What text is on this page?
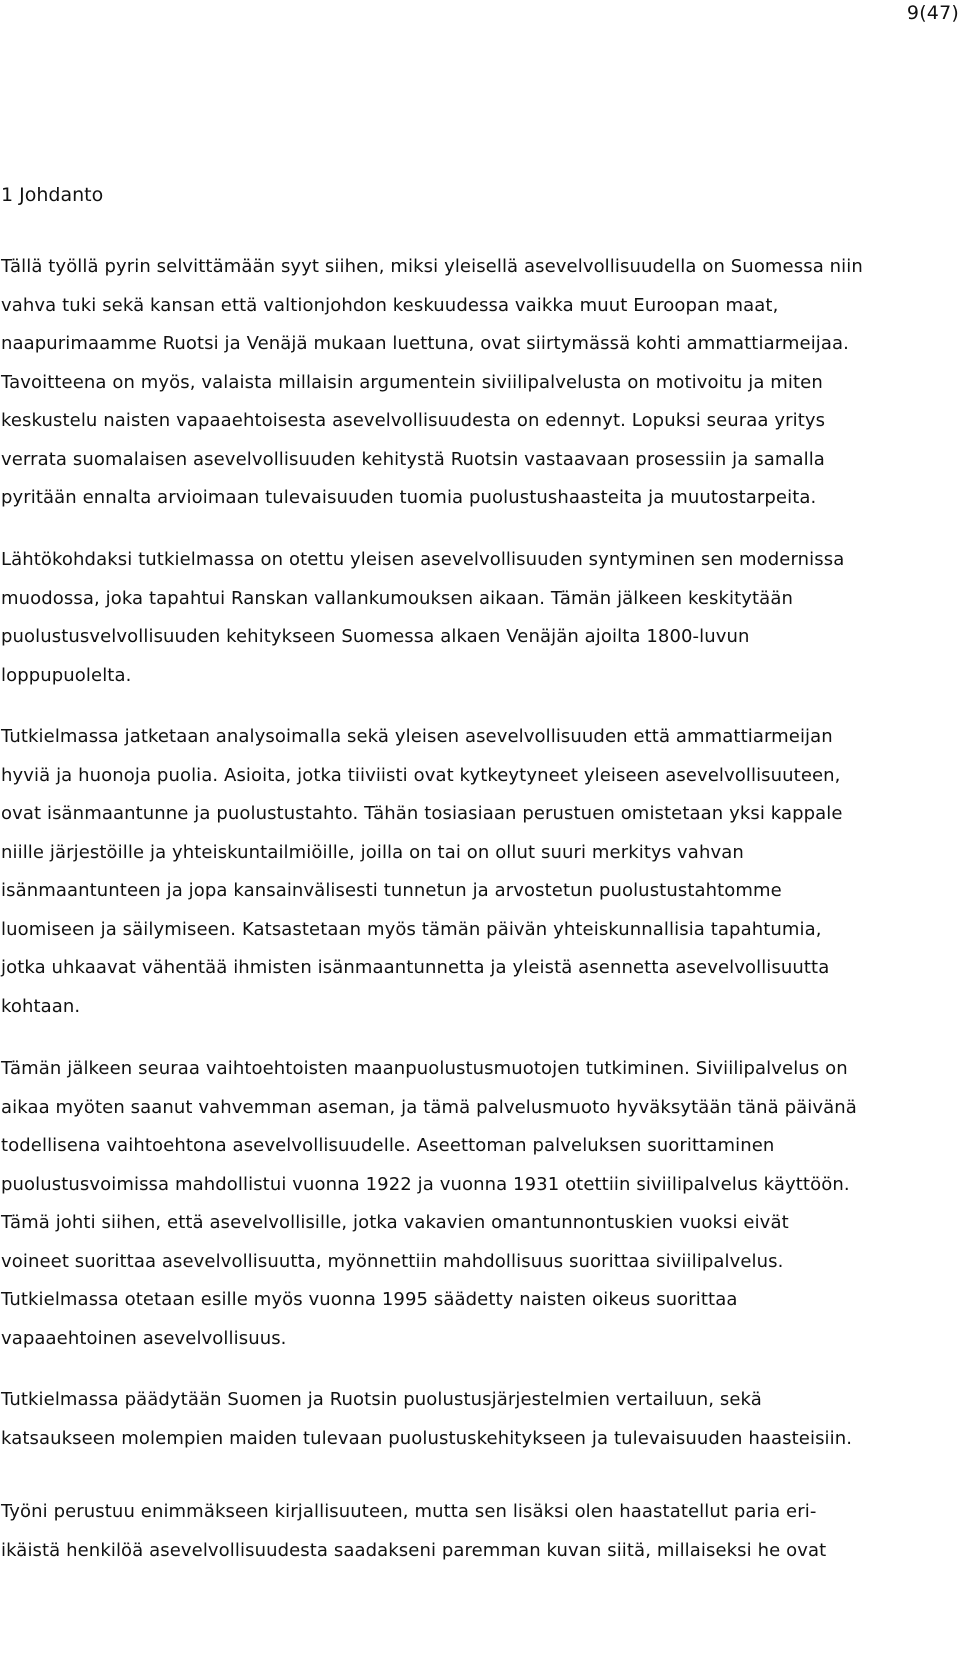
9(47)
1 Johdanto
Tällä työllä pyrin selvittämään syyt siihen, miksi yleisellä asevelvollisuudella on Suomessa niin
vahva tuki sekä kansan että valtionjohdon keskuudessa vaikka muut Euroopan maat,
naapurimaamme Ruotsi ja Venäjä mukaan luettuna, ovat siirtymässä kohti ammattiarmeijaa.
Tavoitteena on myös, valaista millaisin argumentein siviilipalvelusta on motivoitu ja miten
keskustelu naisten vapaaehtoisesta asevelvollisuudesta on edennyt. Lopuksi seuraa yritys
verrata suomalaisen asevelvollisuuden kehitystä Ruotsin vastaavaan prosessiin ja samalla
pyritään ennalta arvioimaan tulevaisuuden tuomia puolustushaasteita ja muutostarpeita.
Lähtökohdaksi tutkielmassa on otettu yleisen asevelvollisuuden syntyminen sen modernissa
muodossa, joka tapahtui Ranskan vallankumouksen aikaan. Tämän jälkeen keskitytään
puolustusvelvollisuuden kehitykseen Suomessa alkaen Venäjän ajoilta 1800-luvun
loppupuolelta.
Tutkielmassa jatketaan analysoimalla sekä yleisen asevelvollisuuden että ammattiarmeijan
hyviä ja huonoja puolia. Asioita, jotka tiiviisti ovat kytkeytyneet yleiseen asevelvollisuuteen,
ovat isänmaantunne ja puolustustahto. Tähän tosiasiaan perustuen omistetaan yksi kappale
niille järjestöille ja yhteiskuntailmiöille, joilla on tai on ollut suuri merkitys vahvan
isänmaantunteen ja jopa kansainvälisesti tunnetun ja arvostetun puolustustahtomme
luomiseen ja säilymiseen. Katsastetaan myös tämän päivän yhteiskunnallisia tapahtumia,
jotka uhkaavat vähentää ihmisten isänmaantunnetta ja yleistä asennetta asevelvollisuutta
kohtaan.
Tämän jälkeen seuraa vaihtoehtoisten maanpuolustusmuotojen tutkiminen. Siviilipalvelus on
aikaa myöten saanut vahvemman aseman, ja tämä palvelusmuoto hyväksytään tänä päivänä
todellisena vaihtoehtona asevelvollisuudelle. Aseettoman palveluksen suorittaminen
puolustusvoimissa mahdollistui vuonna 1922 ja vuonna 1931 otettiin siviilipalvelus käyttöön.
Tämä johti siihen, että asevelvollisille, jotka vakavien omantunnontuskien vuoksi eivät
voineet suorittaa asevelvollisuutta, myönnettiin mahdollisuus suorittaa siviilipalvelus.
Tutkielmassa otetaan esille myös vuonna 1995 säädetty naisten oikeus suorittaa
vapaaehtoinen asevelvollisuus.
Tutkielmassa päädytään Suomen ja Ruotsin puolustusjärjestelmien vertailuun, sekä
katsaukseen molempien maiden tulevaan puolustuskehitykseen ja tulevaisuuden haasteisiin.
Työni perustuu enimmäkseen kirjallisuuteen, mutta sen lisäksi olen haastatellut paria eri-
ikäistä henkilöä asevelvollisuudesta saadakseni paremman kuvan siitä, millaiseksi he ovat
